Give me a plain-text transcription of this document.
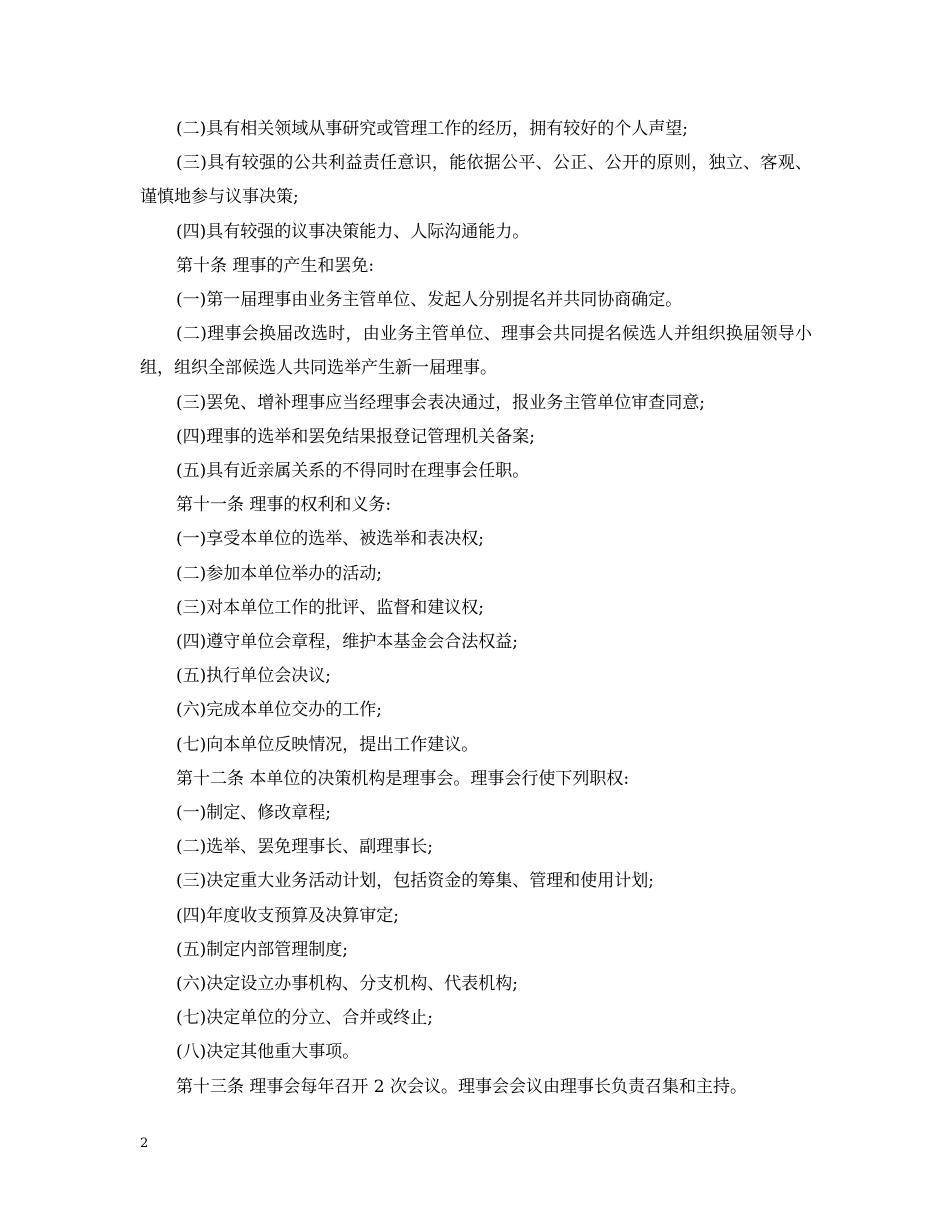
(二)具有相关领域从事研究或管理工作的经历，拥有较好的个人声望;

(三)具有较强的公共利益责任意识，能依据公平、公正、公开的原则，独立、客观、谨慎地参与议事决策;

(四)具有较强的议事决策能力、人际沟通能力。

第十条 理事的产生和罢免:

(一)第一届理事由业务主管单位、发起人分别提名并共同协商确定。

(二)理事会换届改选时，由业务主管单位、理事会共同提名候选人并组织换届领导小组，组织全部候选人共同选举产生新一届理事。

(三)罢免、增补理事应当经理事会表决通过，报业务主管单位审查同意;

(四)理事的选举和罢免结果报登记管理机关备案;

(五)具有近亲属关系的不得同时在理事会任职。

第十一条 理事的权利和义务:

(一)享受本单位的选举、被选举和表决权;

(二)参加本单位举办的活动;

(三)对本单位工作的批评、监督和建议权;

(四)遵守单位会章程，维护本基金会合法权益;

(五)执行单位会决议;

(六)完成本单位交办的工作;

(七)向本单位反映情况，提出工作建议。

第十二条 本单位的决策机构是理事会。理事会行使下列职权:

(一)制定、修改章程;

(二)选举、罢免理事长、副理事长;

(三)决定重大业务活动计划，包括资金的筹集、管理和使用计划;

(四)年度收支预算及决算审定;

(五)制定内部管理制度;

(六)决定设立办事机构、分支机构、代表机构;

(七)决定单位的分立、合并或终止;

(八)决定其他重大事项。

第十三条 理事会每年召开 2 次会议。理事会会议由理事长负责召集和主持。

2
